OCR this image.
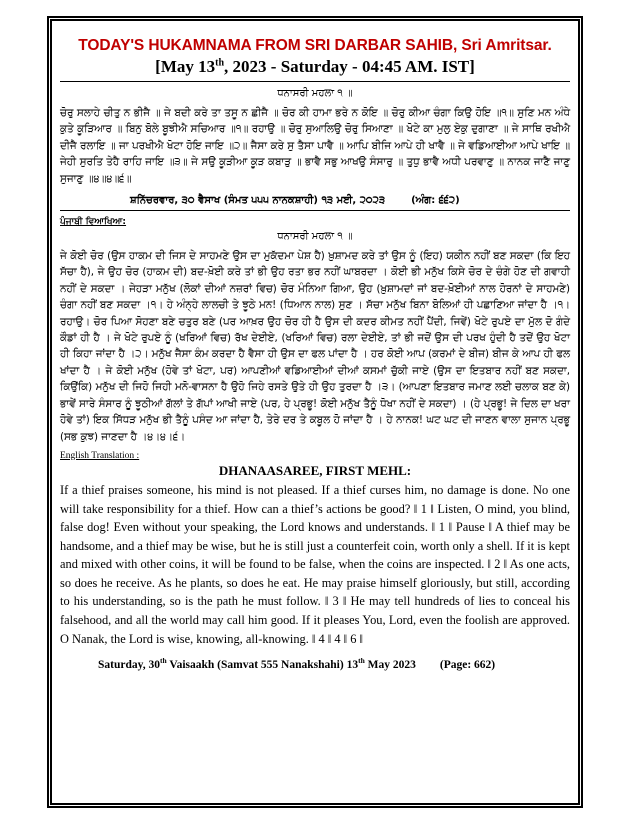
TODAY'S HUKAMNAMA FROM SRI DARBAR SAHIB, Sri Amritsar.
[May 13th, 2023 - Saturday - 04:45 AM. IST]
ਧਨਾਸਰੀ ਮਹਲਾ ੧ ॥

ਚੋਰੁ ਸਲਾਹੇ ਚੀਤੁ ਨ ਭੀਜੈ ॥ ਜੇ ਬਦੀ ਕਰੇ ਤਾ ਤਸੂ ਨ ਛੀਜੈ ॥ ਚੋਰ ਕੀ ਹਾਮਾ ਭਰੇ ਨ ਕੋਇ ॥ ਚੋਰੁ ਕੀਆ ਚੰਗਾ ਕਿਉ ਹੋਇ ॥੧॥ ਸੁਣਿ ਮਨ ਅੰਧੇ ਕੁਤੇ ਕੂੜਿਆਰ ॥ ਬਿਨੁ ਬੋਲੇ ਬੂਝੀਐ ਸਚਿਆਰ ॥੧॥ ਰਹਾਉ ॥ ਚੋਰੁ ਸੁਆਲਿਉ ਚੋਰੁ ਸਿਆਣਾ ॥ ਖੋਟੇ ਕਾ ਮੁਲੁ ਏਕੁ ਦੁਗਾਣਾ ॥ ਜੇ ਸਾਥਿ ਰਖੀਐ ਦੀਜੈ ਰਲਾਇ ॥ ਜਾ ਪਰਖੀਐ ਖੋਟਾ ਹੋਇ ਜਾਇ ॥੨॥ ਜੈਸਾ ਕਰੇ ਸੁ ਤੈਸਾ ਪਾਵੈ ॥ ਆਪਿ ਬੀਜਿ ਆਪੇ ਹੀ ਖਾਵੈ ॥ ਜੇ ਵਡਿਆਈਆ ਆਪੇ ਖਾਇ ॥ ਜੇਹੀ ਸੁਰਤਿ ਤੇਹੈ ਰਾਹਿ ਜਾਇ ॥੩॥ ਜੇ ਸਉ ਕੂੜੀਆ ਕੂੜ ਕਬਾੜੁ ॥ ਭਾਵੈ ਸਭੁ ਆਖਉ ਸੰਸਾਰੁ ॥ ਤੁਧੁ ਭਾਵੈ ਅਧੀ ਪਰਵਾਣੁ ॥ ਨਾਨਕ ਜਾਣੈ ਜਾਣੁ ਸੁਜਾਣੁ ॥੪॥੪॥੬॥

ਸ਼ਨਿੱਚਰਵਾਰ, ੩੦ ਵੈਸਾਖ (ਸੰਮਤ ੫੫੫ ਨਾਨਕਸ਼ਾਹੀ) ੧੩ ਮਈ, ੨੦੨੩	(ਅੰਗ: ੬੬੨)
ਪੰਜਾਬੀ ਵਿਆਖਿਆ:
ਧਨਾਸਰੀ ਮਹਲਾ ੧ ॥

ਜੇ ਕੋਈ ਚੋਰ (ਉਸ ਹਾਕਮ ਦੀ ਜਿਸ ਦੇ ਸਾਹਮਣੇ ਉਸ ਦਾ ਮੁਕੱਦਮਾ ਪੇਸ਼ ਹੈ) ਖ਼ੁਸ਼ਾਮਦ ਕਰੇ ਤਾਂ ਉਸ ਨੂੰ (ਇਹ) ਯਕੀਨ ਨਹੀਂ ਬਣ ਸਕਦਾ (ਕਿ ਇਹ ਸੱਚਾ ਹੈ), ਜੇ ਉਹ ਚੋਰ (ਹਾਕਮ ਦੀ) ਬਦ-ਖ਼ੋਈ ਕਰੇ ਤਾਂ ਭੀ ਉਹ ਰਤਾ ਭਰ ਨਹੀਂ ਘਾਬਰਦਾ । ਕੋਈ ਭੀ ਮਨੁੱਖ ਕਿਸੇ ਚੋਰ ਦੇ ਚੰਗੇ ਹੋਣ ਦੀ ਗਵਾਹੀ ਨਹੀਂ ਦੇ ਸਕਦਾ । ਜੇਹੜਾ ਮਨੁੱਖ (ਲੋਕਾਂ ਦੀਆਂ ਨਜ਼ਰਾਂ ਵਿਚ) ਚੋਰ ਮੰਨਿਆ ਗਿਆ, ਉਹ (ਖ਼ੁਸ਼ਾਮਦਾਂ ਜਾਂ ਬਦ-ਖ਼ੋਈਆਂ ਨਾਲ ਹੋਰਨਾਂ ਦੇ ਸਾਹਮਣੇ) ਚੰਗਾ ਨਹੀਂ ਬਣ ਸਕਦਾ ।੧। ਹੇ ਅੰਨ੍ਹੇ ਲਾਲਚੀ ਤੇ ਝੂਠੇ ਮਨ! (ਧਿਆਨ ਨਾਲ) ਸੁਣ । ਸੱਚਾ ਮਨੁੱਖ ਬਿਨਾ ਬੋਲਿਆਂ ਹੀ ਪਛਾਣਿਆ ਜਾਂਦਾ ਹੈ ।੧।ਰਹਾਉ। ਚੋਰ ਪਿਆ ਸੋਹਣਾ ਬਣੇ ਚਤੁਰ ਬਣੇ (ਪਰ ਆਖ਼ਰ ਉਹ ਚੋਰ ਹੀ ਹੈ ਉਸ ਦੀ ਕਦਰ ਕੀਮਤ ਨਹੀਂ ਪੈਂਦੀ, ਜਿਵੇਂ) ਖੋਟੇ ਰੁਪਏ ਦਾ ਮੁੱਲ ਦੋ ਗੰਦੇ ਕੌਡਾਂ ਹੀ ਹੈ । ਜੇ ਖੋਟੇ ਰੁਪਏ ਨੂੰ (ਖਰਿਆਂ ਵਿਚ) ਰੱਖ ਦੇਈਏ, (ਖਰਿਆਂ ਵਿਚ) ਰਲਾ ਦੇਈਏ, ਤਾਂ ਭੀ ਜਦੋਂ ਉਸ ਦੀ ਪਰਖ ਹੁੰਦੀ ਹੈ ਤਦੋਂ ਉਹ ਖੋਟਾ ਹੀ ਕਿਹਾ ਜਾਂਦਾ ਹੈ ।੨। ਮਨੁੱਖ ਜੈਸਾ ਕੰਮ ਕਰਦਾ ਹੈ ਵੈਸਾ ਹੀ ਉਸ ਦਾ ਫਲ ਪਾਂਦਾ ਹੈ । ਹਰ ਕੋਈ ਆਪ (ਕਰਮਾਂ ਦੇ ਬੀਜ) ਬੀਜ ਕੇ ਆਪ ਹੀ ਫਲ ਖਾਂਦਾ ਹੈ । ਜੇ ਕੋਈ ਮਨੁੱਖ (ਹੋਵੇ ਤਾਂ ਖੋਟਾ, ਪਰ) ਆਪਣੀਆਂ ਵਡਿਆਈਆਂ ਦੀਆਂ ਕਸਮਾਂ ਚੁੱਕੀ ਜਾਏ (ਉਸ ਦਾ ਇਤਬਾਰ ਨਹੀਂ ਬਣ ਸਕਦਾ, ਕਿਉਂਕਿ) ਮਨੁੱਖ ਦੀ ਜਿਹੋ ਜਿਹੀ ਮਨੋ-ਵਾਸਨਾ ਹੈ ਉਹੋ ਜਿਹੇ ਰਸਤੇ ਉਤੇ ਹੀ ਉਹ ਤੁਰਦਾ ਹੈ ।੩। (ਆਪਣਾ ਇਤਬਾਰ ਜਮਾਣ ਲਈ ਚਲਾਕ ਬਣ ਕੇ) ਭਾਵੇਂ ਸਾਰੇ ਸੰਸਾਰ ਨੂੰ ਝੂਠੀਆਂ ਗੱਲਾਂ ਤੇ ਗੱਪਾਂ ਆਖੀ ਜਾਏ (ਪਰ, ਹੇ ਪ੍ਰਭੂ! ਕੋਈ ਮਨੁੱਖ ਤੈਨੂੰ ਧੋਖਾ ਨਹੀਂ ਦੇ ਸਕਦਾ) । (ਹੇ ਪ੍ਰਭੂ! ਜੇ ਦਿਲ ਦਾ ਖਰਾ ਹੋਵੇ ਤਾਂ) ਇਕ ਸਿੱਧੜ ਮਨੁੱਖ ਭੀ ਤੈਨੂੰ ਪਸੰਦ ਆ ਜਾਂਦਾ ਹੈ, ਤੇਰੇ ਦਰ ਤੇ ਕਬੂਲ ਹੋ ਜਾਂਦਾ ਹੈ । ਹੇ ਨਾਨਕ! ਘਟ ਘਟ ਦੀ ਜਾਣਨ ਵਾਲਾ ਸੁਜਾਨ ਪ੍ਰਭੂ (ਸਭ ਕੁਝ) ਜਾਣਦਾ ਹੈ ।੪।੪।੬।

English Translation :
DHANAASAREE, FIRST MEHL:

If a thief praises someone, his mind is not pleased. If a thief curses him, no damage is done. No one will take responsibility for a thief. How can a thief’s actions be good? ‖ 1 ‖ Listen, O mind, you blind, false dog! Even without your speaking, the Lord knows and understands. ‖ 1 ‖ Pause ‖ A thief may be handsome, and a thief may be wise, but he is still just a counterfeit coin, worth only a shell. If it is kept and mixed with other coins, it will be found to be false, when the coins are inspected. ‖ 2 ‖ As one acts, so does he receive. As he plants, so does he eat. He may praise himself gloriously, but still, according to his understanding, so is the path he must follow. ‖ 3 ‖ He may tell hundreds of lies to conceal his falsehood, and all the world may call him good. If it pleases You, Lord, even the foolish are approved. O Nanak, the Lord is wise, knowing, all-knowing. ‖ 4 ‖ 4 ‖ 6 ‖

Saturday, 30th Vaisaakh (Samvat 555 Nanakshahi) 13th May 2023 (Page: 662)
